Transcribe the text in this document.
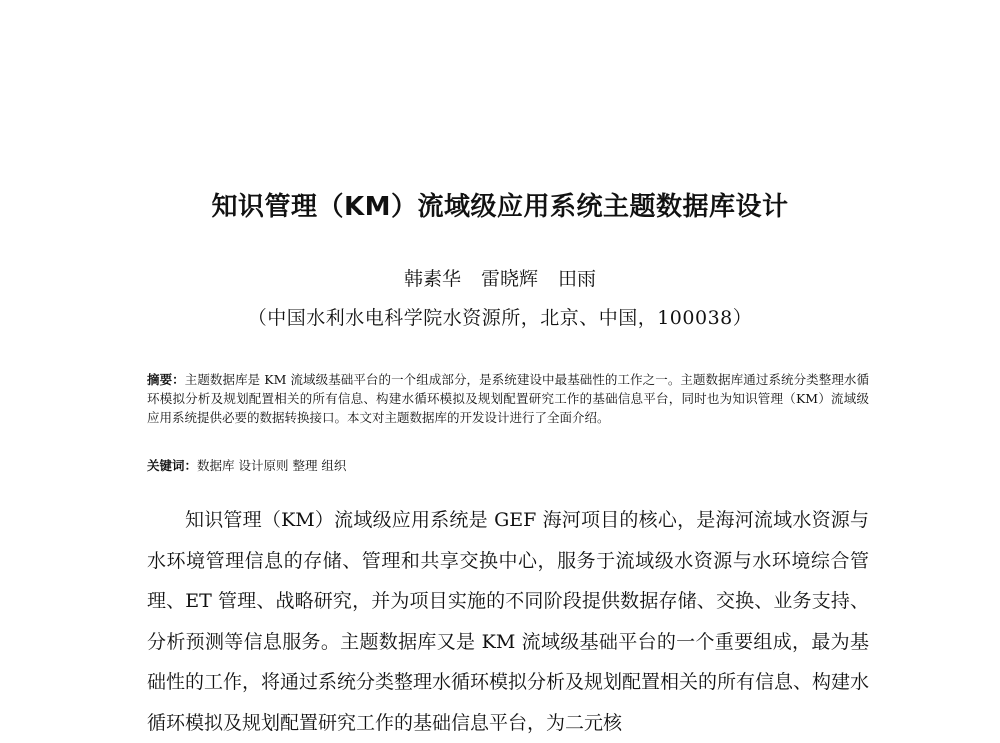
知识管理（KM）流域级应用系统主题数据库设计
韩素华 雷晓辉 田雨
（中国水利水电科学院水资源所，北京、中国，100038）

摘要：主题数据库是 KM 流域级基础平台的一个组成部分，是系统建设中最基础性的工作之一。主题数据库通过系统分类整理水循环模拟分析及规划配置相关的所有信息、构建水循环模拟及规划配置研究工作的基础信息平台，同时也为知识管理（KM）流域级应用系统提供必要的数据转换接口。本文对主题数据库的开发设计进行了全面介绍。

关键词：数据库 设计原则 整理 组织

知识管理（KM）流域级应用系统是 GEF 海河项目的核心，是海河流域水资源与水环境管理信息的存储、管理和共享交换中心，服务于流域级水资源与水环境综合管理、ET 管理、战略研究，并为项目实施的不同阶段提供数据存储、交换、业务支持、分析预测等信息服务。主题数据库又是 KM 流域级基础平台的一个重要组成，最为基础性的工作，将通过系统分类整理水循环模拟分析及规划配置相关的所有信息、构建水循环模拟及规划配置研究工作的基础信息平台，为二元核
